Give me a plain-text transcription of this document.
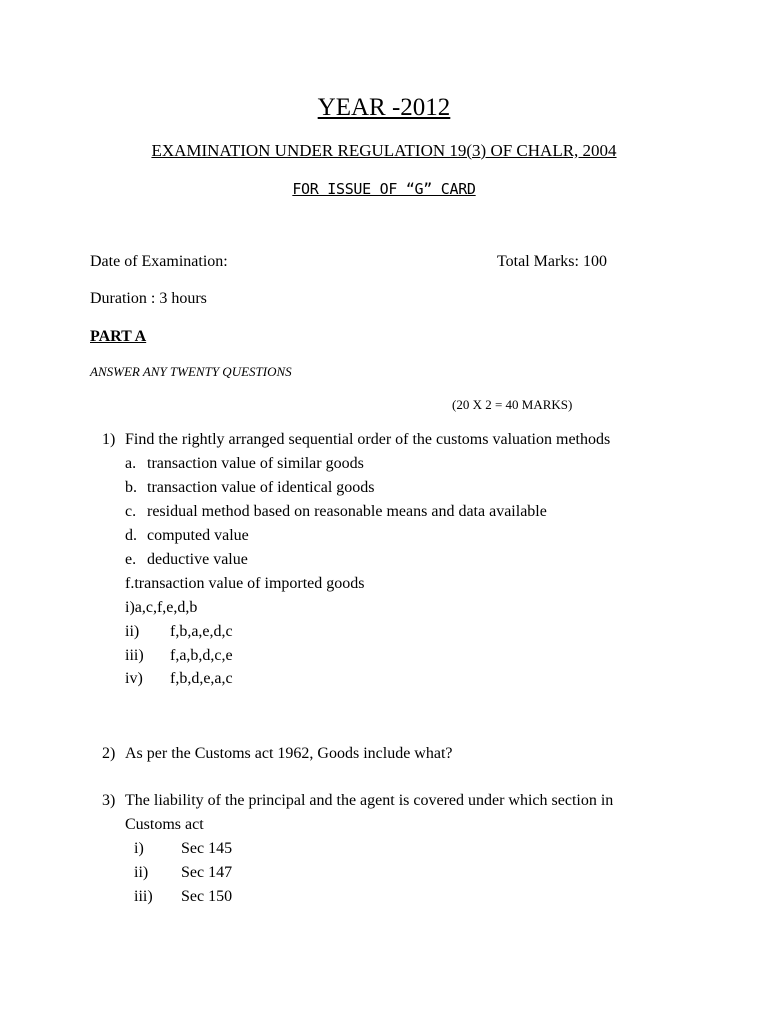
YEAR -2012
EXAMINATION UNDER REGULATION 19(3) OF CHALR, 2004
FOR ISSUE OF “G” CARD
Date of Examination:	Total Marks: 100
Duration : 3 hours
PART A
ANSWER ANY TWENTY QUESTIONS
(20 X 2 = 40 MARKS)
1) Find the rightly arranged sequential order of the customs valuation methods
a. transaction value of similar goods
b. transaction value of identical goods
c. residual method based on reasonable means and data available
d. computed value
e. deductive value
f.transaction value of imported goods
i)a,c,f,e,d,b
ii) f,b,a,e,d,c
iii) f,a,b,d,c,e
iv) f,b,d,e,a,c
2) As per the Customs act 1962, Goods include what?
3) The liability of the principal and the agent is covered under which section in
Customs act
i) Sec 145
ii) Sec 147
iii) Sec 150
